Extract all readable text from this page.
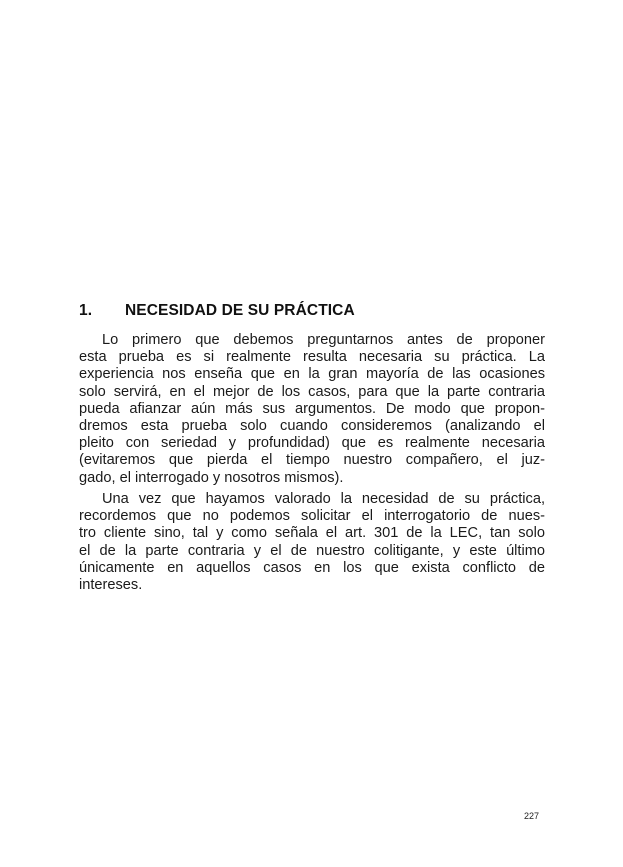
1. NECESIDAD DE SU PRÁCTICA

Lo primero que debemos preguntarnos antes de proponer
esta prueba es si realmente resulta necesaria su práctica. La
experiencia nos enseña que en la gran mayoría de las ocasiones
solo servirá, en el mejor de los casos, para que la parte contraria
pueda afianzar aún más sus argumentos. De modo que propon-
dremos esta prueba solo cuando consideremos (analizando el
pleito con seriedad y profundidad) que es realmente necesaria
(evitaremos que pierda el tiempo nuestro compañero, el juz-
gado, el interrogado y nosotros mismos).

Una vez que hayamos valorado la necesidad de su práctica,
recordemos que no podemos solicitar el interrogatorio de nues-
tro cliente sino, tal y como señala el art. 301 de la LEC, tan solo
el de la parte contraria y el de nuestro colitigante, y este último
únicamente en aquellos casos en los que exista conflicto de
intereses.

227
